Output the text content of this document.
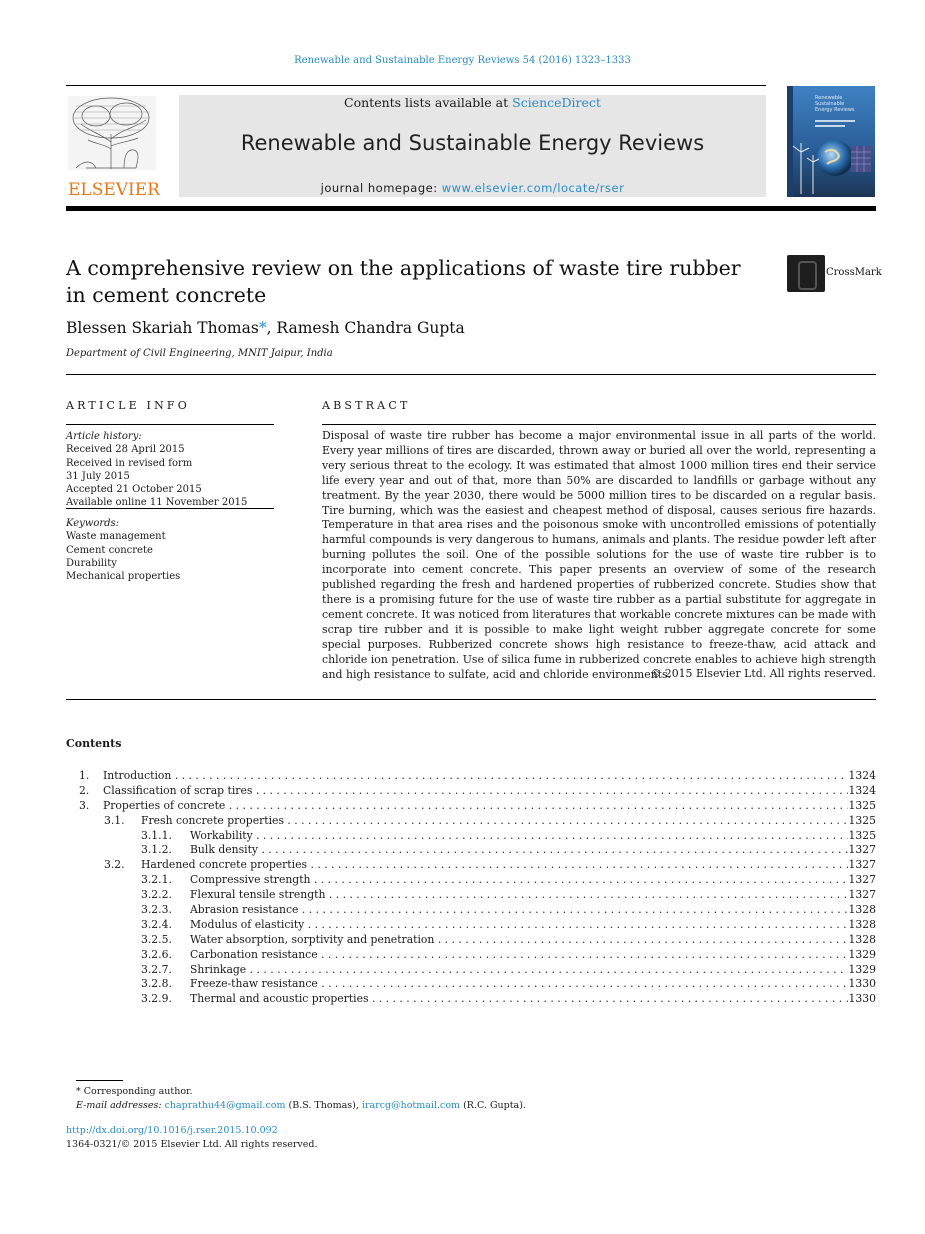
Renewable and Sustainable Energy Reviews 54 (2016) 1323–1333
ELSEVIER
Contents lists available at ScienceDirect
Renewable and Sustainable Energy Reviews
journal homepage: www.elsevier.com/locate/rser
Renewable
Sustainable
Energy Reviews
A comprehensive review on the applications of waste tire rubber in cement concrete
CrossMark
Blessen Skariah Thomas*, Ramesh Chandra Gupta
Department of Civil Engineering, MNIT Jaipur, India
ARTICLE INFO	ABSTRACT
Article history:
Received 28 April 2015
Received in revised form
31 July 2015
Accepted 21 October 2015
Available online 11 November 2015
Keywords:
Waste management
Cement concrete
Durability
Mechanical properties
Disposal of waste tire rubber has become a major environmental issue in all parts of the world. Every year millions of tires are discarded, thrown away or buried all over the world, representing a very serious threat to the ecology. It was estimated that almost 1000 million tires end their service life every year and out of that, more than 50% are discarded to landfills or garbage without any treatment. By the year 2030, there would be 5000 million tires to be discarded on a regular basis. Tire burning, which was the easiest and cheapest method of disposal, causes serious fire hazards. Temperature in that area rises and the poisonous smoke with uncontrolled emissions of potentially harmful compounds is very dangerous to humans, animals and plants. The residue powder left after burning pollutes the soil. One of the possible solutions for the use of waste tire rubber is to incorporate into cement concrete. This paper presents an overview of some of the research published regarding the fresh and hardened properties of rubberized concrete. Studies show that there is a promising future for the use of waste tire rubber as a partial substitute for aggregate in cement concrete. It was noticed from literatures that workable concrete mixtures can be made with scrap tire rubber and it is possible to make light weight rubber aggregate concrete for some special purposes. Rubberized concrete shows high resistance to freeze-thaw, acid attack and chloride ion penetration. Use of silica fume in rubberized concrete enables to achieve high strength and high resistance to sulfate, acid and chloride environments.
© 2015 Elsevier Ltd. All rights reserved.
Contents
1. Introduction . . .	1324
2. Classification of scrap tires . . .	1324
3. Properties of concrete . . .	1325
3.1. Fresh concrete properties . . .	1325
3.1.1. Workability . . .	1325
3.1.2. Bulk density . . .	1327
3.2. Hardened concrete properties . . .	1327
3.2.1. Compressive strength . . .	1327
3.2.2. Flexural tensile strength . . .	1327
3.2.3. Abrasion resistance . . .	1328
3.2.4. Modulus of elasticity . . .	1328
3.2.5. Water absorption, sorptivity and penetration . . .	1328
3.2.6. Carbonation resistance . . .	1329
3.2.7. Shrinkage . . .	1329
3.2.8. Freeze-thaw resistance . . .	1330
3.2.9. Thermal and acoustic properties . . .	1330
* Corresponding author.
E-mail addresses: chaprathu44@gmail.com (B.S. Thomas), irarcg@hotmail.com (R.C. Gupta).
http://dx.doi.org/10.1016/j.rser.2015.10.092
1364-0321/© 2015 Elsevier Ltd. All rights reserved.
